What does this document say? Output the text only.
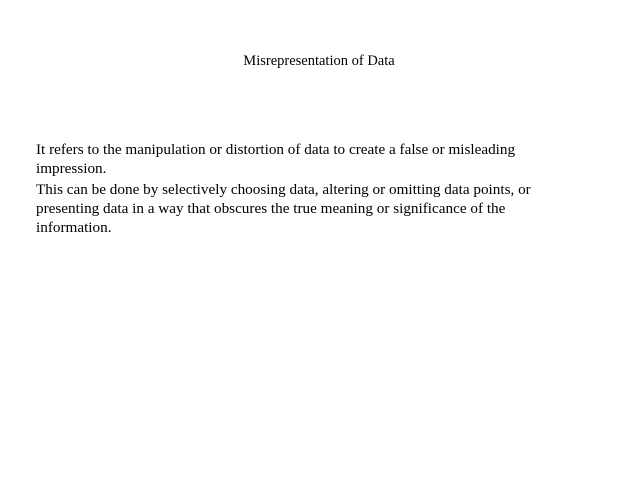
Misrepresentation of Data

It refers to the manipulation or distortion of data to create a false or misleading impression.

This can be done by selectively choosing data, altering or omitting data points, or presenting data in a way that obscures the true meaning or significance of the information.
